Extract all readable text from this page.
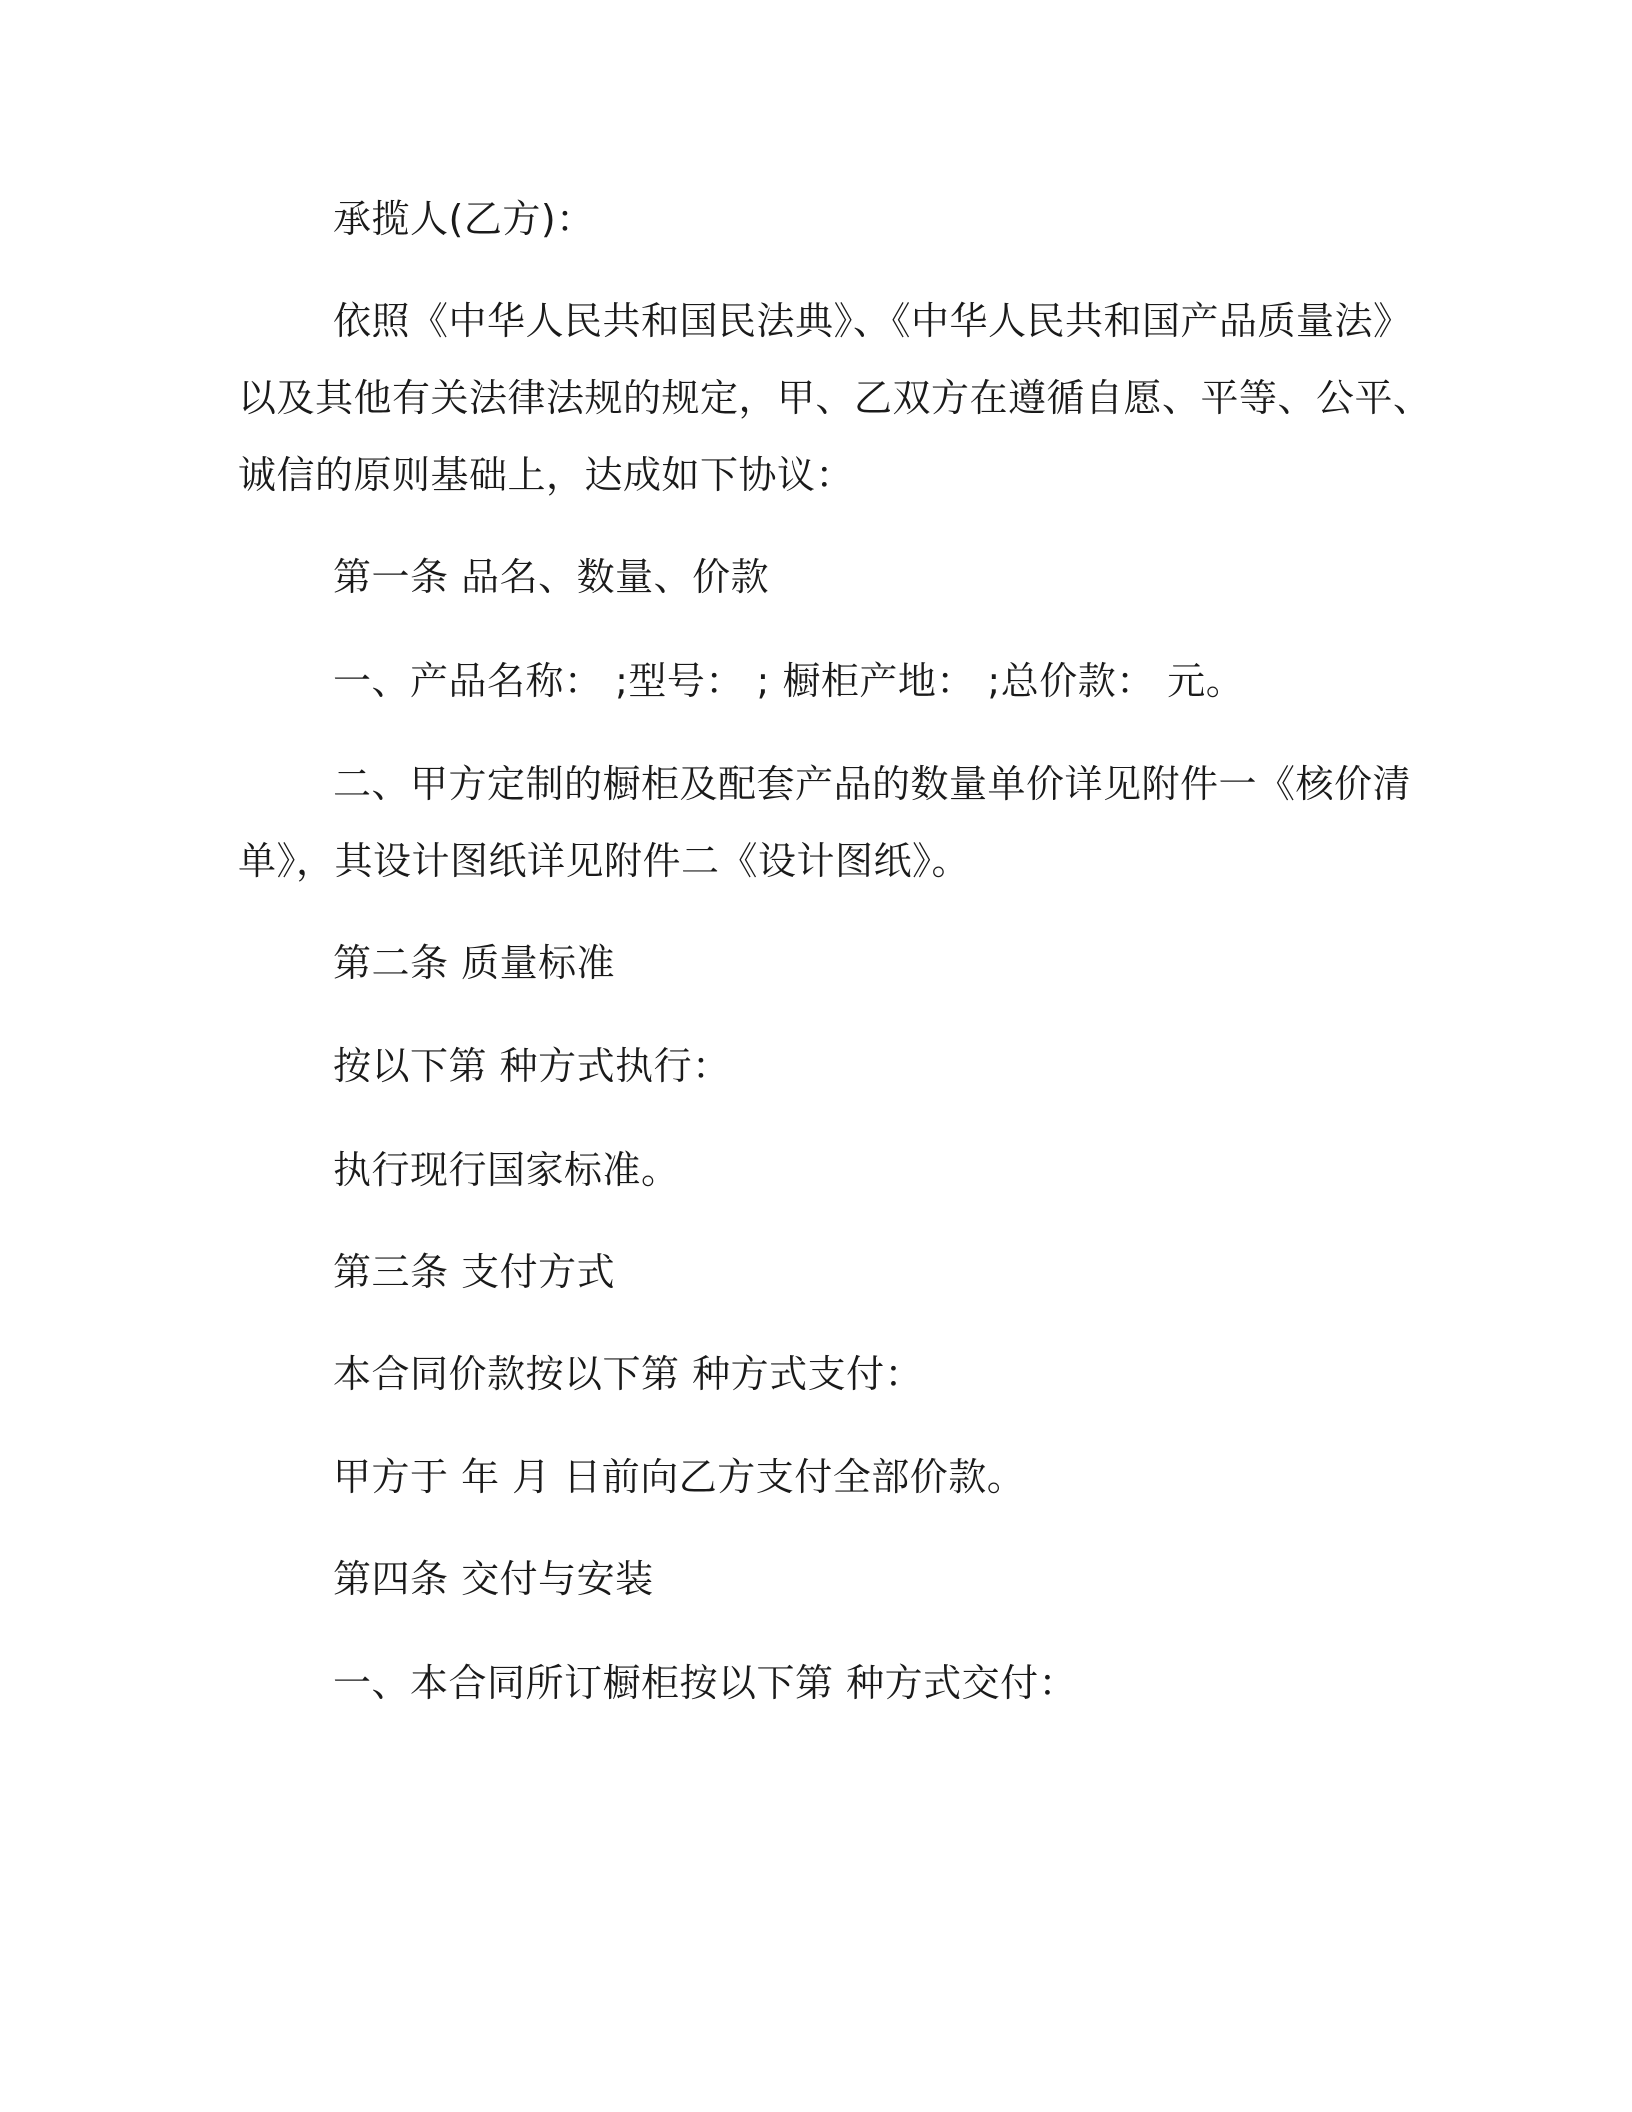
承揽人(乙方)：
依照《中华人民共和国民法典》、《中华人民共和国产品质量法》
以及其他有关法律法规的规定，甲、乙双方在遵循自愿、平等、公平、
诚信的原则基础上，达成如下协议：
第一条 品名、数量、价款
一、产品名称： ;型号： ; 橱柜产地： ;总价款： 元。
二、甲方定制的橱柜及配套产品的数量单价详见附件一《核价清
单》，其设计图纸详见附件二《设计图纸》。
第二条 质量标准
按以下第 种方式执行：
执行现行国家标准。
第三条 支付方式
本合同价款按以下第 种方式支付：
甲方于 年 月 日前向乙方支付全部价款。
第四条 交付与安装
一、本合同所订橱柜按以下第 种方式交付：
